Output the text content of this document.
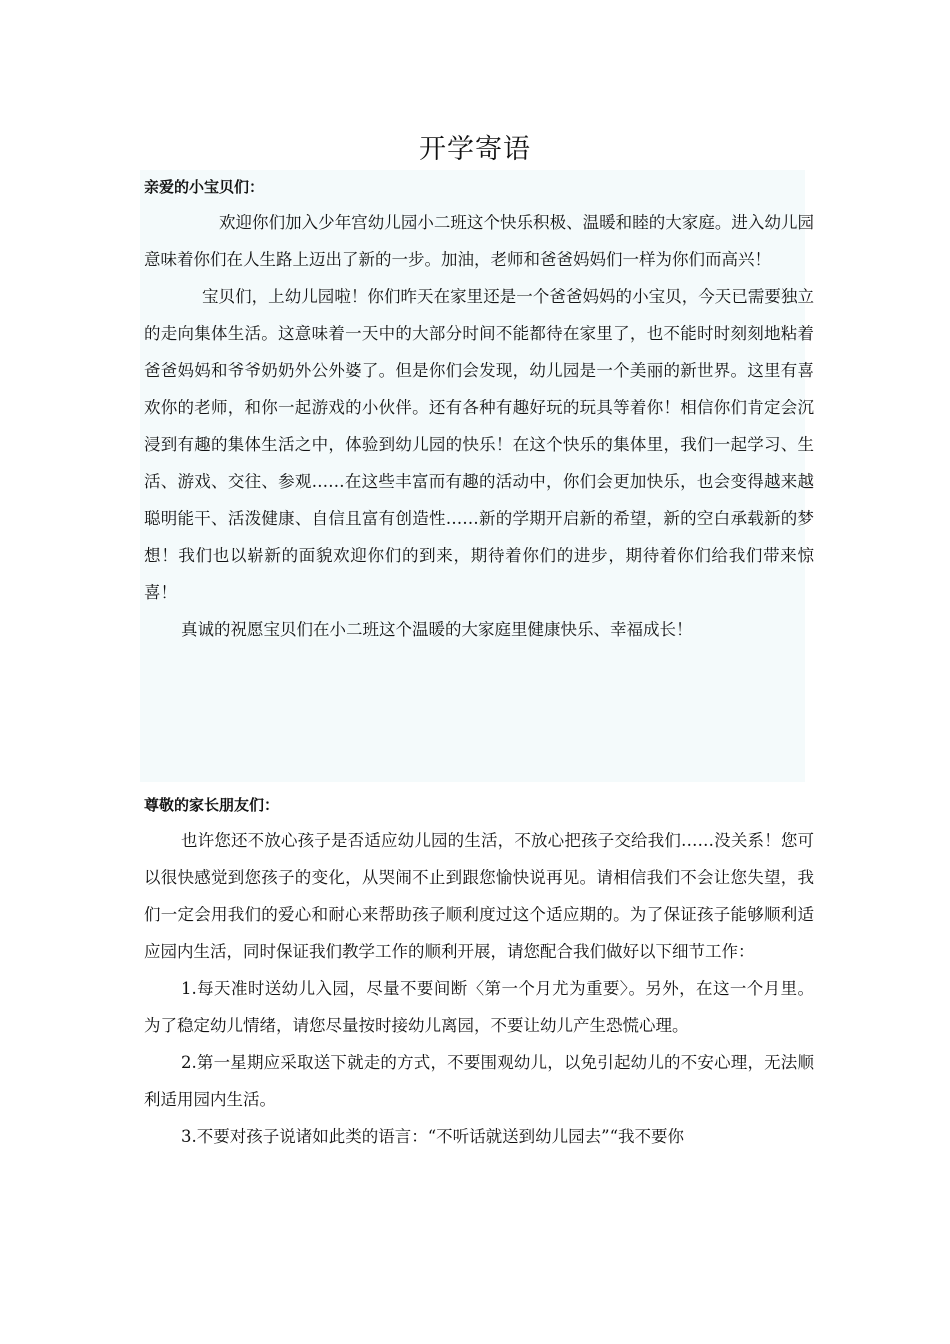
开学寄语
亲爱的小宝贝们：

欢迎你们加入少年宫幼儿园小二班这个快乐积极、温暖和睦的大家庭。进入幼儿园意味着你们在人生路上迈出了新的一步。加油，老师和爸爸妈妈们一样为你们而高兴！

宝贝们，上幼儿园啦！你们昨天在家里还是一个爸爸妈妈的小宝贝，今天已需要独立的走向集体生活。这意味着一天中的大部分时间不能都待在家里了，也不能时时刻刻地粘着爸爸妈妈和爷爷奶奶外公外婆了。但是你们会发现，幼儿园是一个美丽的新世界。这里有喜欢你的老师，和你一起游戏的小伙伴。还有各种有趣好玩的玩具等着你！相信你们肯定会沉浸到有趣的集体生活之中，体验到幼儿园的快乐！在这个快乐的集体里，我们一起学习、生活、游戏、交往、参观……在这些丰富而有趣的活动中，你们会更加快乐，也会变得越来越聪明能干、活泼健康、自信且富有创造性……新的学期开启新的希望，新的空白承载新的梦想！我们也以崭新的面貌欢迎你们的到来，期待着你们的进步，期待着你们给我们带来惊喜！

真诚的祝愿宝贝们在小二班这个温暖的大家庭里健康快乐、幸福成长！

尊敬的家长朋友们：

也许您还不放心孩子是否适应幼儿园的生活，不放心把孩子交给我们……没关系！您可以很快感觉到您孩子的变化，从哭闹不止到跟您愉快说再见。请相信我们不会让您失望，我们一定会用我们的爱心和耐心来帮助孩子顺利度过这个适应期的。为了保证孩子能够顺利适应园内生活，同时保证我们教学工作的顺利开展，请您配合我们做好以下细节工作：

1.每天准时送幼儿入园，尽量不要间断〈第一个月尤为重要〉。另外，在这一个月里。为了稳定幼儿情绪，请您尽量按时接幼儿离园，不要让幼儿产生恐慌心理。

2.第一星期应采取送下就走的方式，不要围观幼儿，以免引起幼儿的不安心理，无法顺利适用园内生活。

3.不要对孩子说诸如此类的语言：“不听话就送到幼儿园去”“我不要你
